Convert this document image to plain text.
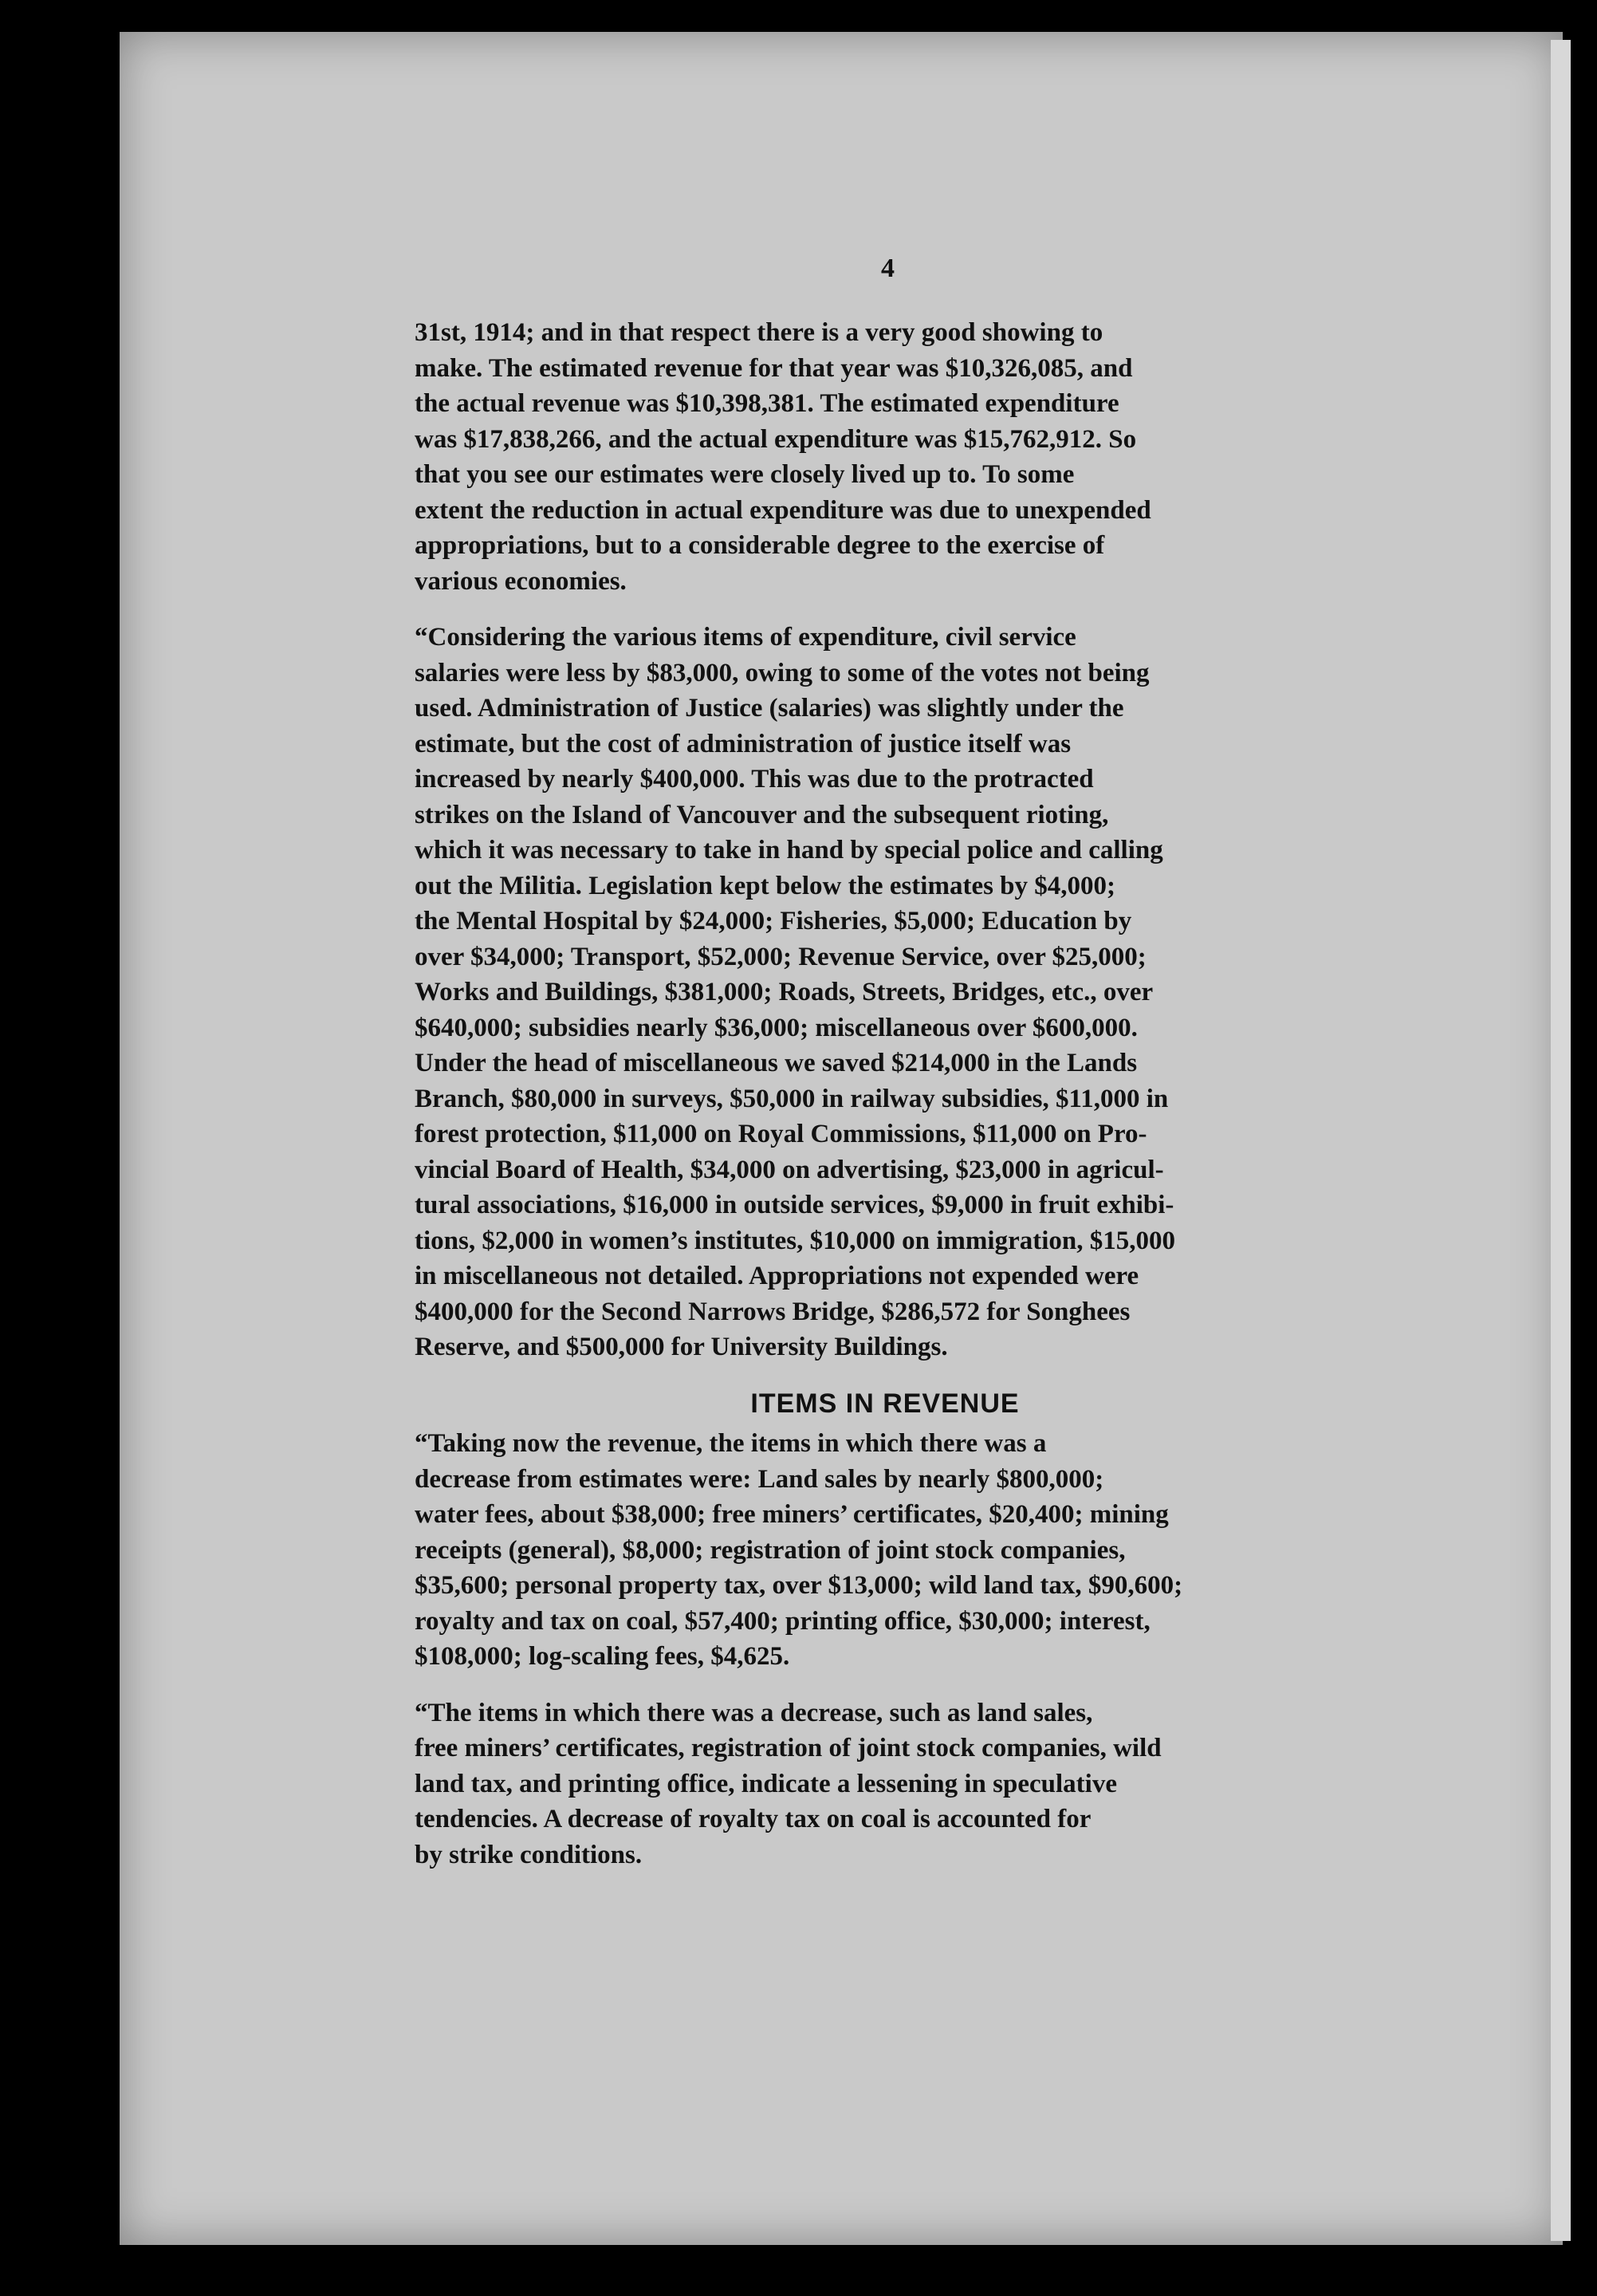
4

31st, 1914; and in that respect there is a very good showing to
make. The estimated revenue for that year was $10,326,085, and
the actual revenue was $10,398,381. The estimated expenditure
was $17,838,266, and the actual expenditure was $15,762,912. So
that you see our estimates were closely lived up to. To some
extent the reduction in actual expenditure was due to unexpended
appropriations, but to a considerable degree to the exercise of
various economies.

“Considering the various items of expenditure, civil service
salaries were less by $83,000, owing to some of the votes not being
used. Administration of Justice (salaries) was slightly under the
estimate, but the cost of administration of justice itself was
increased by nearly $400,000. This was due to the protracted
strikes on the Island of Vancouver and the subsequent rioting,
which it was necessary to take in hand by special police and calling
out the Militia. Legislation kept below the estimates by $4,000;
the Mental Hospital by $24,000; Fisheries, $5,000; Education by
over $34,000; Transport, $52,000; Revenue Service, over $25,000;
Works and Buildings, $381,000; Roads, Streets, Bridges, etc., over
$640,000; subsidies nearly $36,000; miscellaneous over $600,000.
Under the head of miscellaneous we saved $214,000 in the Lands
Branch, $80,000 in surveys, $50,000 in railway subsidies, $11,000 in
forest protection, $11,000 on Royal Commissions, $11,000 on Pro-
vincial Board of Health, $34,000 on advertising, $23,000 in agricul-
tural associations, $16,000 in outside services, $9,000 in fruit exhibi-
tions, $2,000 in women’s institutes, $10,000 on immigration, $15,000
in miscellaneous not detailed. Appropriations not expended were
$400,000 for the Second Narrows Bridge, $286,572 for Songhees
Reserve, and $500,000 for University Buildings.

ITEMS IN REVENUE

“Taking now the revenue, the items in which there was a
decrease from estimates were: Land sales by nearly $800,000;
water fees, about $38,000; free miners’ certificates, $20,400; mining
receipts (general), $8,000; registration of joint stock companies,
$35,600; personal property tax, over $13,000; wild land tax, $90,600;
royalty and tax on coal, $57,400; printing office, $30,000; interest,
$108,000; log-scaling fees, $4,625.

“The items in which there was a decrease, such as land sales,
free miners’ certificates, registration of joint stock companies, wild
land tax, and printing office, indicate a lessening in speculative
tendencies. A decrease of royalty tax on coal is accounted for
by strike conditions.
